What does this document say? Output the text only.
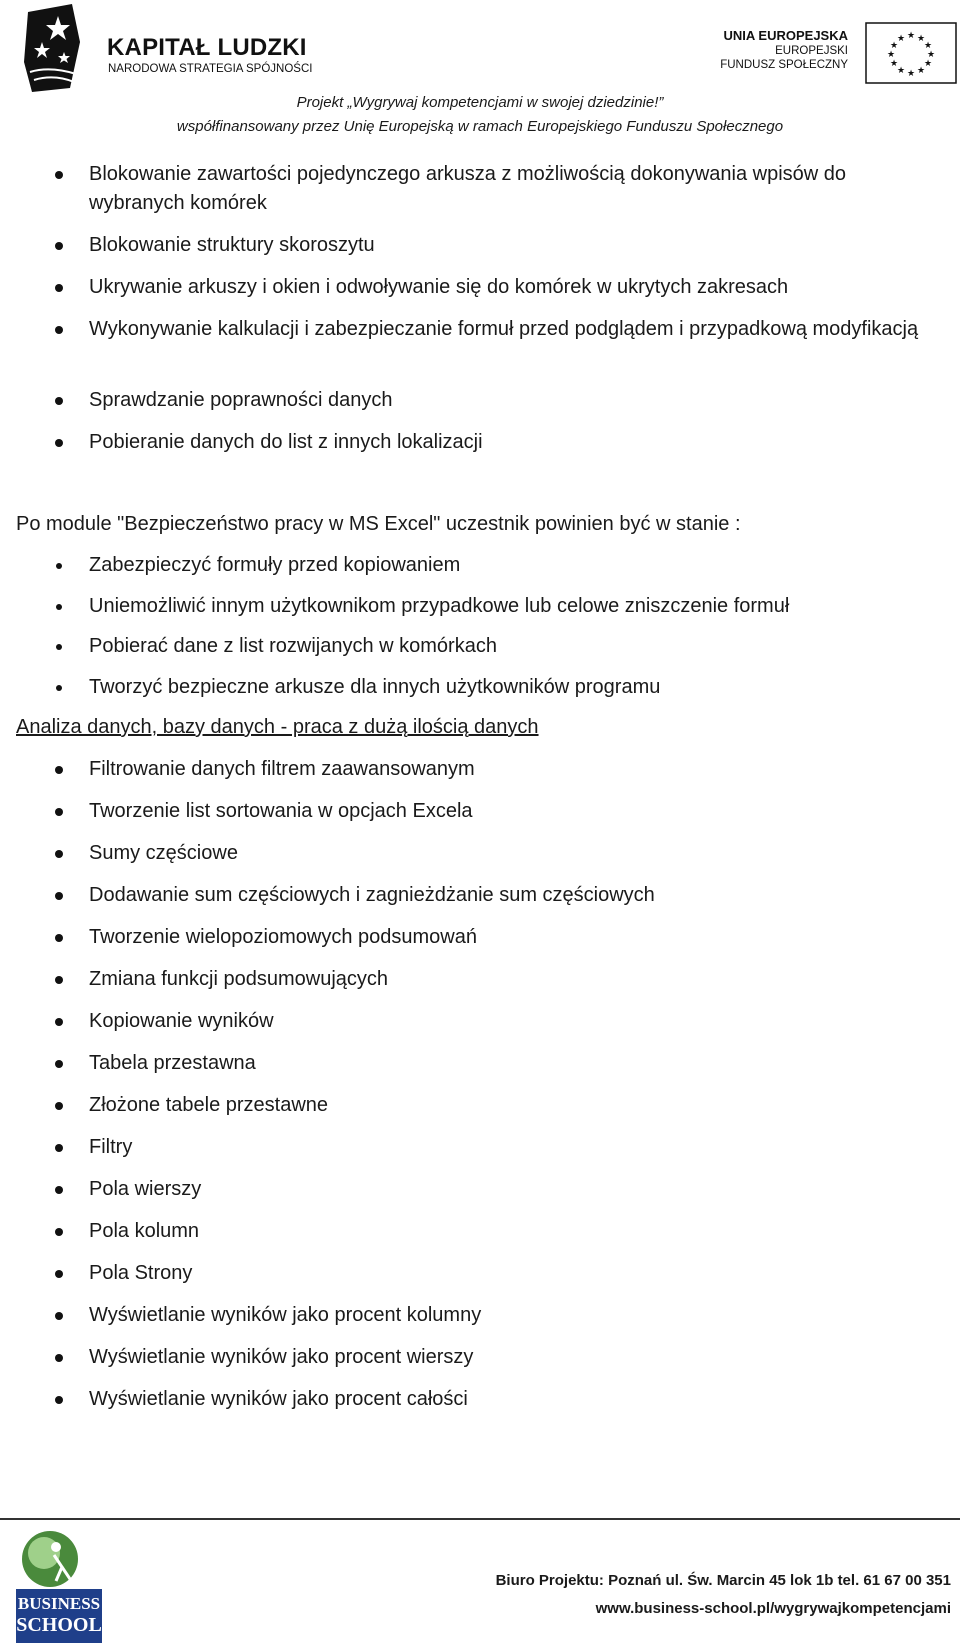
KAPITAŁ LUDZKI
NARODOWA STRATEGIA SPÓJNOŚCI
UNIA EUROPEJSKA
EUROPEJSKI
FUNDUSZ SPOŁECZNY
★ ★
★
★
★
★
★
★
★
★
★
★
Projekt „Wygrywaj kompetencjami w swojej dziedzinie!”
współfinansowany przez Unię Europejską w ramach Europejskiego Funduszu Społecznego
Blokowanie zawartości pojedynczego arkusza z możliwością dokonywania wpisów do wybranych komórek
Blokowanie struktury skoroszytu
Ukrywanie arkuszy i okien i odwoływanie się do komórek w ukrytych zakresach
Wykonywanie kalkulacji i zabezpieczanie formuł przed podglądem i przypadkową modyfikacją
Sprawdzanie poprawności danych
Pobieranie danych do list z innych lokalizacji
Po module "Bezpieczeństwo pracy w MS Excel" uczestnik powinien być w stanie :
Zabezpieczyć formuły przed kopiowaniem
Uniemożliwić innym użytkownikom przypadkowe lub celowe zniszczenie formuł
Pobierać dane z list rozwijanych w komórkach
Tworzyć bezpieczne arkusze dla innych użytkowników programu
Analiza danych, bazy danych - praca z dużą ilością danych
Filtrowanie danych filtrem zaawansowanym
Tworzenie list sortowania w opcjach Excela
Sumy częściowe
Dodawanie sum częściowych i zagnieżdżanie sum częściowych
Tworzenie wielopoziomowych podsumowań
Zmiana funkcji podsumowujących
Kopiowanie wyników
Tabela przestawna
Złożone tabele przestawne
Filtry
Pola wierszy
Pola kolumn
Pola Strony
Wyświetlanie wyników jako procent kolumny
Wyświetlanie wyników jako procent wierszy
Wyświetlanie wyników jako procent całości
BUSINESS
SCHOOL
Biuro Projektu: Poznań ul. Św. Marcin 45 lok 1b tel. 61 67 00 351
www.business-school.pl/wygrywajkompetencjami
